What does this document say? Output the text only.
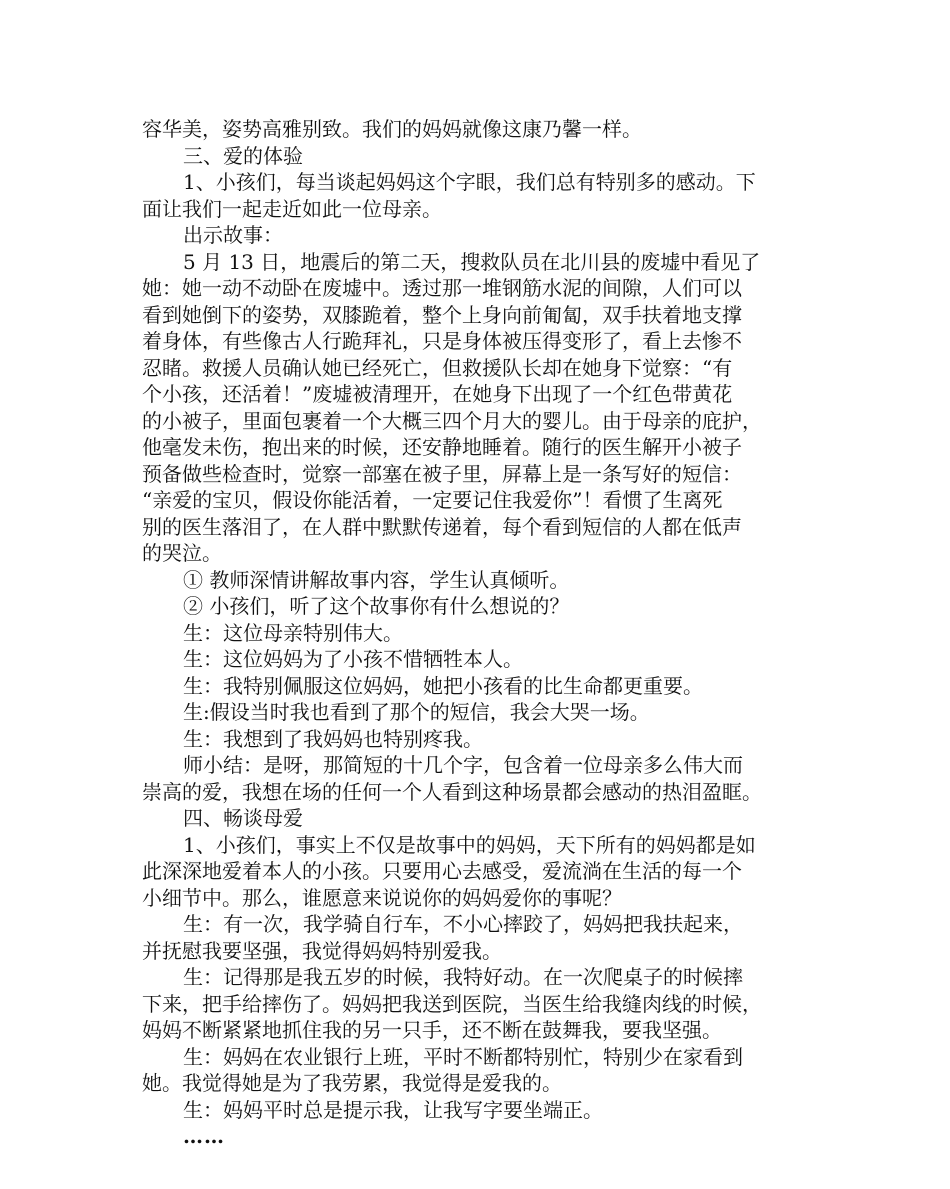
容华美，姿势高雅别致。我们的妈妈就像这康乃馨一样。
三、爱的体验
1、小孩们，每当谈起妈妈这个字眼，我们总有特别多的感动。下
面让我们一起走近如此一位母亲。
出示故事：
5 月 13 日，地震后的第二天，搜救队员在北川县的废墟中看见了
她：她一动不动卧在废墟中。透过那一堆钢筋水泥的间隙，人们可以
看到她倒下的姿势，双膝跪着，整个上身向前匍匐，双手扶着地支撑
着身体，有些像古人行跪拜礼，只是身体被压得变形了，看上去惨不
忍睹。救援人员确认她已经死亡，但救援队长却在她身下觉察：“有
个小孩，还活着！”废墟被清理开，在她身下出现了一个红色带黄花
的小被子，里面包裹着一个大概三四个月大的婴儿。由于母亲的庇护，
他毫发未伤，抱出来的时候，还安静地睡着。随行的医生解开小被子
预备做些检查时，觉察一部塞在被子里，屏幕上是一条写好的短信：
“亲爱的宝贝，假设你能活着，一定要记住我爱你”！看惯了生离死
别的医生落泪了，在人群中默默传递着，每个看到短信的人都在低声
的哭泣。
① 教师深情讲解故事内容，学生认真倾听。
② 小孩们，听了这个故事你有什么想说的？
生：这位母亲特别伟大。
生：这位妈妈为了小孩不惜牺牲本人。
生：我特别佩服这位妈妈，她把小孩看的比生命都更重要。
生:假设当时我也看到了那个的短信，我会大哭一场。
生：我想到了我妈妈也特别疼我。
师小结：是呀，那简短的十几个字，包含着一位母亲多么伟大而
崇高的爱，我想在场的任何一个人看到这种场景都会感动的热泪盈眶。
四、畅谈母爱
1、小孩们，事实上不仅是故事中的妈妈，天下所有的妈妈都是如
此深深地爱着本人的小孩。只要用心去感受，爱流淌在生活的每一个
小细节中。那么，谁愿意来说说你的妈妈爱你的事呢？
生：有一次，我学骑自行车，不小心摔跤了，妈妈把我扶起来，
并抚慰我要坚强，我觉得妈妈特别爱我。
生：记得那是我五岁的时候，我特好动。在一次爬桌子的时候摔
下来，把手给摔伤了。妈妈把我送到医院，当医生给我缝肉线的时候，
妈妈不断紧紧地抓住我的另一只手，还不断在鼓舞我，要我坚强。
生：妈妈在农业银行上班，平时不断都特别忙，特别少在家看到
她。我觉得她是为了我劳累，我觉得是爱我的。
生：妈妈平时总是提示我，让我写字要坐端正。
……
